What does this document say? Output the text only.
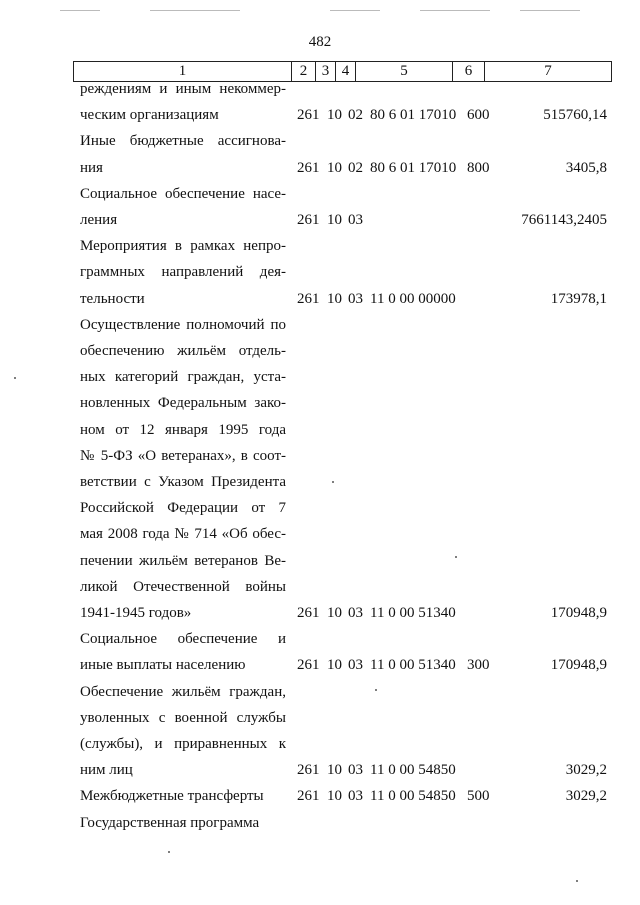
482
1	2	3	4	5	6	7
реждениям и иным некоммер-
ческим организациям	261 10 02 80 6 01 17010 600	515760,14
Иные бюджетные ассигнова-
ния	261 10 02 80 6 01 17010 800	3405,8
Социальное обеспечение насе-
ления	261 10 03	7661143,2405
Мероприятия в рамках непро-
граммных направлений дея-
тельности	261 10 03 11 0 00 00000	173978,1
Осуществление полномочий по
обеспечению жильём отдель-
ных категорий граждан, уста-
новленных Федеральным зако-
ном от 12 января 1995 года
№ 5-ФЗ «О ветеранах», в соот-
ветствии с Указом Президента
Российской Федерации от 7
мая 2008 года № 714 «Об обес-
печении жильём ветеранов Ве-
ликой Отечественной войны
1941-1945 годов»	261 10 03 11 0 00 51340	170948,9
Социальное обеспечение и
иные выплаты населению	261 10 03 11 0 00 51340 300	170948,9
Обеспечение жильём граждан,
уволенных с военной службы
(службы), и приравненных к
ним лиц	261 10 03 11 0 00 54850	3029,2
Межбюджетные трансферты	261 10 03 11 0 00 54850 500	3029,2
Государственная программа
